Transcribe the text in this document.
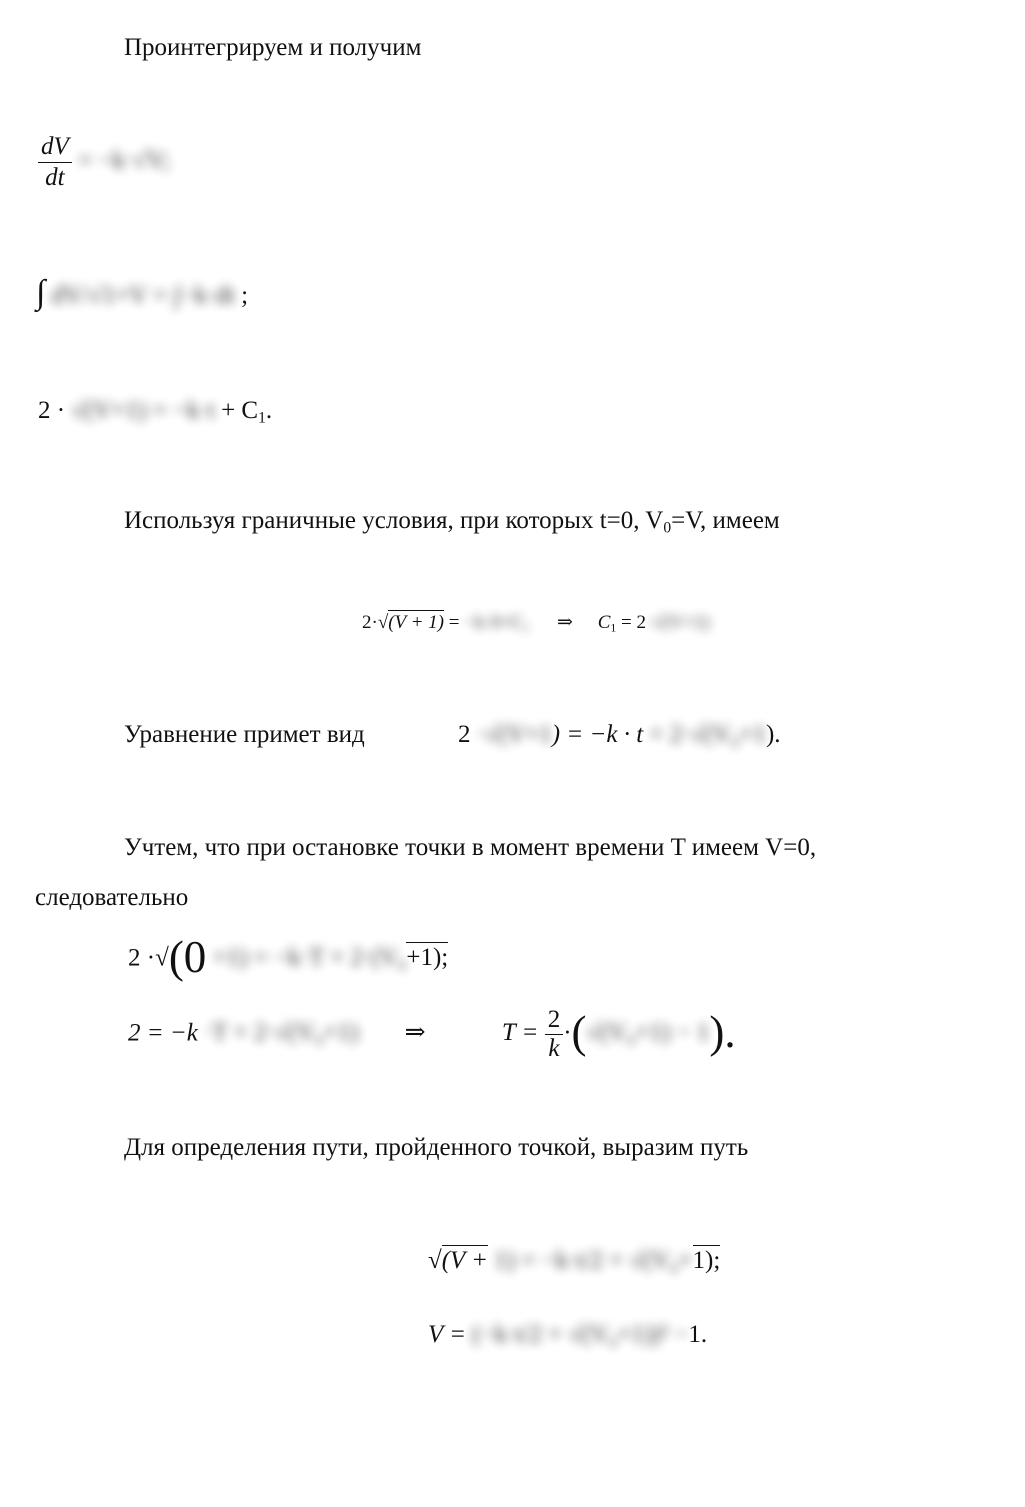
Проинтегрируем и получим
$\frac{dV}{dt} = -k\cdot√V$;
∫ dV/√1+V = ∫−k·dt ;
$2 \cdot √(V+1) = -k\cdot t + C_1$.
Используя граничные условия, при которых t=0, $V_0=V$, имеем
2·√(V + 1) = −k·0+C₁ ⇒ $C_1 = 2\cdot√(V+1)$
Уравнение примет вид	2 ·√(V+1) = −k · t + 2·√(V₀+1).
Учтем, что при остановке точки в момент времени T имеем V=0,
следовательно
2 ·√(0 +1) = −k·T + 2·(V₀+1);
2 = −k ·T + 2·√(V₀+1) ⇒	$T = \frac{2}{k} \cdot(√(V_0+1) - 1)$.
Для определения пути, пройденного точкой, выразим путь
√(V + 1) = −k·t/2 + √(V₀+1);
V = (−k·t/2 + √(V₀+1))² −1.
